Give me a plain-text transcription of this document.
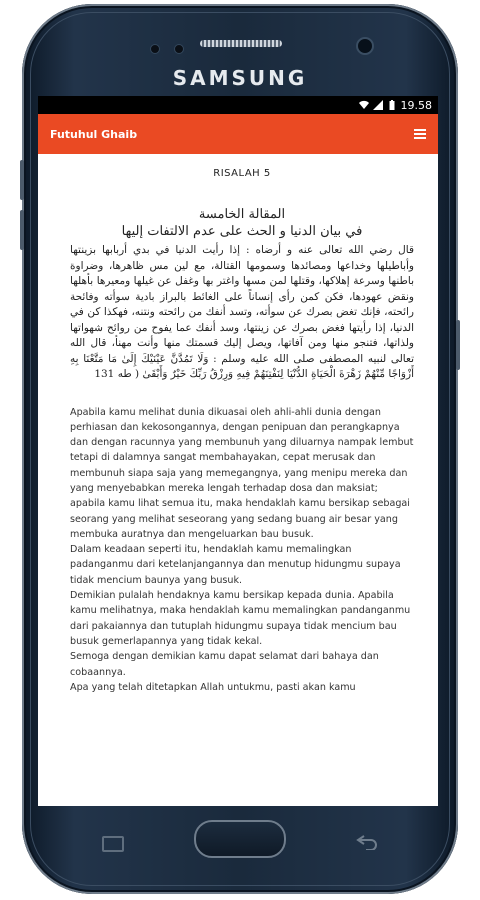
SAMSUNG
19.58
Futuhul Ghaib
RISALAH 5
المقالة الخامسة
في بيان الدنيا و الحث على عدم الالتفات إليها
قال رضي الله تعالى عنه و أرضاه : إذا رأيت الدنيا في بدي أربابها بزينتها وأباطيلها وخداعها ومصائدها وسمومها القتالة، مع لين مس ظاهرها، وضراوة باطنها وسرعة إهلاكها، وقتلها لمن مسها واغتر بها وغفل عن غيلها ومعيرها بأهلها ونقض عهودها، فكن كمن رأى إنساناً على الغائط بالبراز بادية سوأته وفائحة رائحته، فإنك تغض بصرك عن سوأته، وتسد أنفك من رائحته ونتنه، فهكذا كن في الدنيا، إذا رأيتها فغض بصرك عن زينتها، وسد أنفك عما يفوح من روائح شهواتها ولذاتها، فتنجو منها ومن آفاتها، ويصل إليك قسمتك منها وأنت مهنأ، قال الله تعالى لنبيه المصطفى صلى الله عليه وسلم : وَلَا تَمُدَّنَّ عَيْنَيْكَ إِلَىٰ مَا مَتَّعْنَا بِهِ أَزْوَاجًا مِّنْهُمْ زَهْرَةَ الْحَيَاةِ الدُّنْيَا لِنَفْتِنَهُمْ فِيهِ وَرِزْقُ رَبِّكَ خَيْرٌ وَأَبْقَىٰ ( طه 131

Apabila kamu melihat dunia dikuasai oleh ahli-ahli dunia dengan perhiasan dan kekosongannya, dengan penipuan dan perangkapnya dan dengan racunnya yang membunuh yang diluarnya nampak lembut tetapi di dalamnya sangat membahayakan, cepat merusak dan membunuh siapa saja yang memegangnya, yang menipu mereka dan yang menyebabkan mereka lengah terhadap dosa dan maksiat; apabila kamu lihat semua itu, maka hendaklah kamu bersikap sebagai seorang yang melihat seseorang yang sedang buang air besar yang membuka auratnya dan mengeluarkan bau busuk.

Dalam keadaan seperti itu, hendaklah kamu memalingkan padanganmu dari ketelanjangannya dan menutup hidungmu supaya tidak mencium baunya yang busuk.

Demikian pulalah hendaknya kamu bersikap kepada dunia. Apabila kamu melihatnya, maka hendaklah kamu memalingkan pandanganmu dari pakaiannya dan tutuplah hidungmu supaya tidak mencium bau busuk gemerlapannya yang tidak kekal.

Semoga dengan demikian kamu dapat selamat dari bahaya dan cobaannya.

Apa yang telah ditetapkan Allah untukmu, pasti akan kamu
